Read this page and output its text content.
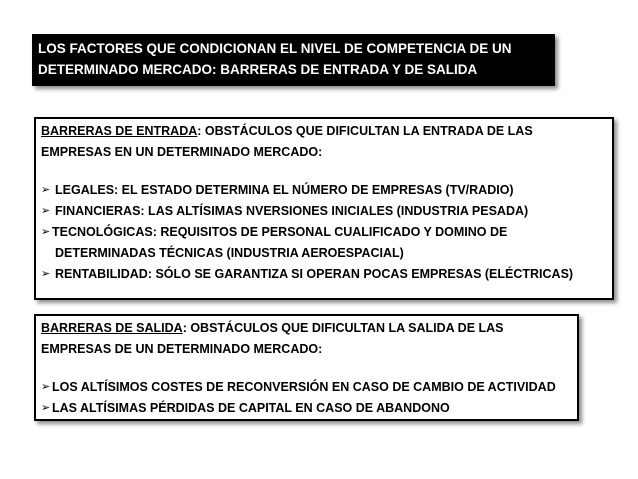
LOS FACTORES QUE CONDICIONAN EL NIVEL DE COMPETENCIA DE UN
DETERMINADO MERCADO: BARRERAS DE ENTRADA Y DE SALIDA

BARRERAS DE ENTRADA: OBSTÁCULOS QUE DIFICULTAN LA ENTRADA DE LAS

EMPRESAS EN UN DETERMINADO MERCADO:

➢ LEGALES: EL ESTADO DETERMINA EL NÚMERO DE EMPRESAS (TV/RADIO)

➢ FINANCIERAS: LAS ALTÍSIMAS NVERSIONES INICIALES (INDUSTRIA PESADA)

➢ TECNOLÓGICAS: REQUISITOS DE PERSONAL CUALIFICADO Y DOMINO DE

DETERMINADAS TÉCNICAS (INDUSTRIA AEROESPACIAL)

➢ RENTABILIDAD: SÓLO SE GARANTIZA SI OPERAN POCAS EMPRESAS (ELÉCTRICAS)

BARRERAS DE SALIDA: OBSTÁCULOS QUE DIFICULTAN LA SALIDA DE LAS

EMPRESAS DE UN DETERMINADO MERCADO:

➢ LOS ALTÍSIMOS COSTES DE RECONVERSIÓN EN CASO DE CAMBIO DE ACTIVIDAD

➢ LAS ALTÍSIMAS PÉRDIDAS DE CAPITAL EN CASO DE ABANDONO
